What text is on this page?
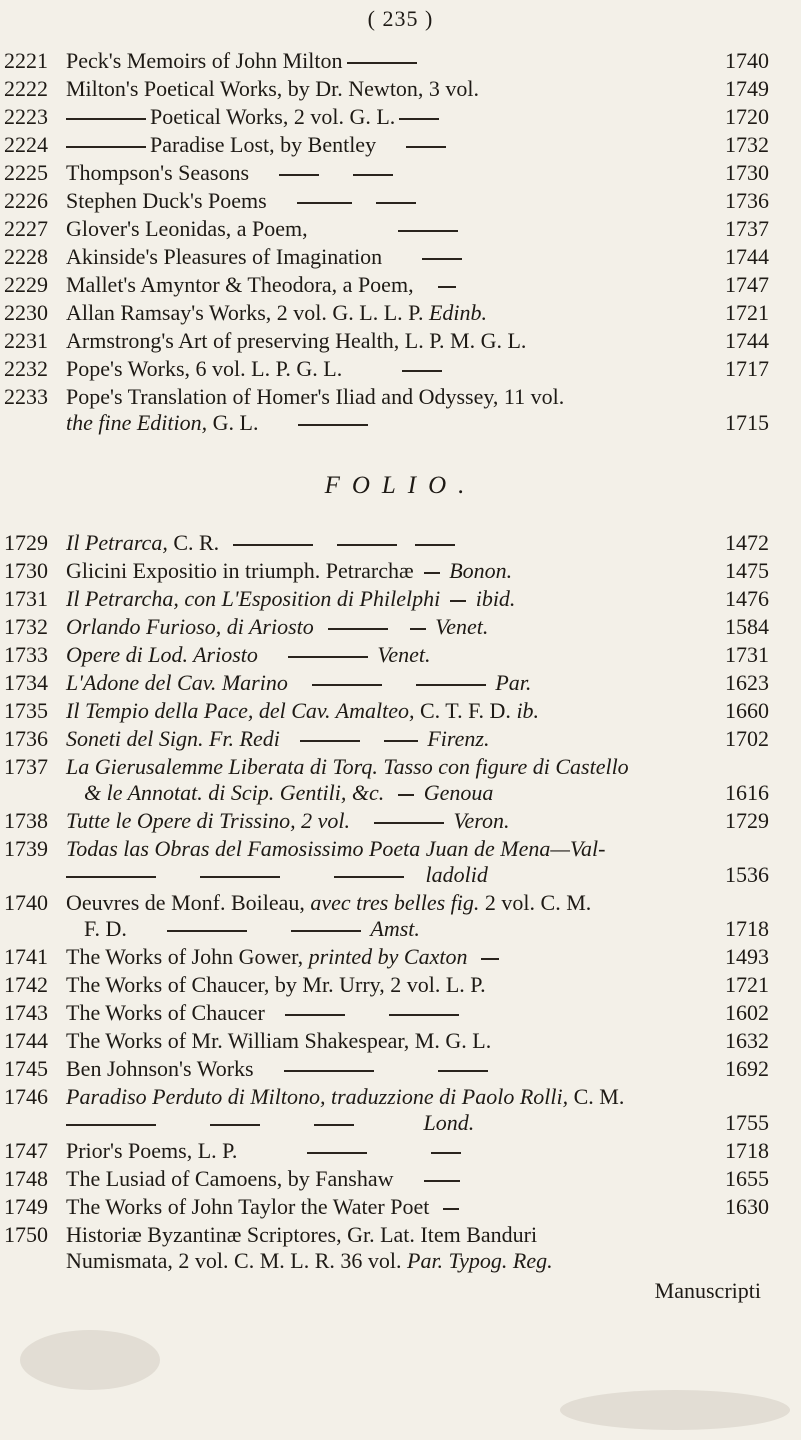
( 235 )
2221 Peck's Memoirs of John Milton	1740
2222 Milton's Poetical Works, by Dr. Newton, 3 vol.	1749
2223	Poetical Works, 2 vol. G. L.	1720
2224	Paradise Lost, by Bentley	1732
2225 Thompson's Seasons	1730
2226 Stephen Duck's Poems	1736
2227 Glover's Leonidas, a Poem,	1737
2228 Akinside's Pleasures of Imagination	1744
2229 Mallet's Amyntor & Theodora, a Poem,	1747
2230 Allan Ramsay's Works, 2 vol. G. L. L. P. Edinb.	1721
2231 Armstrong's Art of preserving Health, L. P. M. G. L.	1744
2232 Pope's Works, 6 vol. L. P. G. L.	1717
2233 Pope's Translation of Homer's Iliad and Odyssey, 11 vol.
the fine Edition, G. L.	1715
FOLIO.
1729 Il Petrarca, C. R.	1472
1730 Glicini Expositio in triumph. Petrarchæ Bonon.	1475
1731 Il Petrarcha, con L'Esposition di Philelphi ibid.	1476
1732 Orlando Furioso, di Ariosto	Venet.	1584
1733 Opere di Lod. Ariosto	Venet.	1731
1734 L'Adone del Cav. Marino	Par.	1623
1735 Il Tempio della Pace, del Cav. Amalteo, C. T. F. D. ib.	1660
1736 Soneti del Sign. Fr. Redi	Firenz.	1702
1737 La Gierusalemme Liberata di Torq. Tasso con figure di Castello
& le Annotat. di Scip. Gentili, &c. Genoua	1616
1738 Tutte le Opere di Trissino, 2 vol.	Veron.	1729
1739 Todas las Obras del Famosissimo Poeta Juan de Mena—Val-
ladolid	1536
1740 Oeuvres de Monf. Boileau, avec tres belles fig. 2 vol. C. M.
F. D.	Amst.	1718
1741 The Works of John Gower, printed by Caxton	1493
1742 The Works of Chaucer, by Mr. Urry, 2 vol. L. P.	1721
1743 The Works of Chaucer	1602
1744 The Works of Mr. William Shakespear, M. G. L.	1632
1745 Ben Johnson's Works	1692
1746 Paradiso Perduto di Miltono, traduzzione di Paolo Rolli, C. M.
Lond.	1755
1747 Prior's Poems, L. P.	1718
1748 The Lusiad of Camoens, by Fanshaw	1655
1749 The Works of John Taylor the Water Poet	1630
1750 Historiæ Byzantinæ Scriptores, Gr. Lat. Item Banduri
Numismata, 2 vol. C. M. L. R. 36 vol. Par. Typog. Reg.
Manuscripti
